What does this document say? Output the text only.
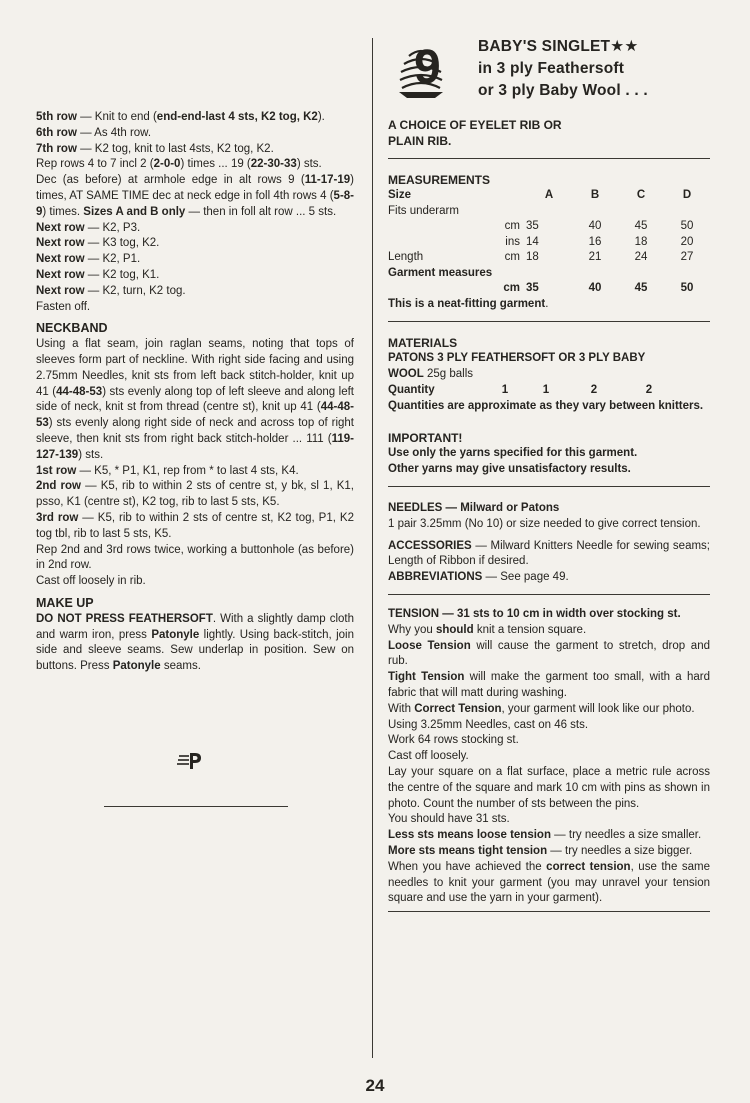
9 BABY'S SINGLET★★
in 3 ply Feathersoft
or 3 ply Baby Wool . . .

5th row — Knit to end (end-end-last 4 sts, K2 tog, K2).

6th row — As 4th row.

7th row — K2 tog, knit to last 4sts, K2 tog, K2.

Rep rows 4 to 7 incl 2 (2-0-0) times ... 19 (22-30-33) sts.

Dec (as before) at armhole edge in alt rows 9 (11-17-19) times, AT SAME TIME dec at neck edge in foll 4th rows 4 (5-8-9) times. Sizes A and B only — then in foll alt row ... 5 sts.

Next row — K2, P3.

Next row — K3 tog, K2.

Next row — K2, P1.

Next row — K2 tog, K1.

Next row — K2, turn, K2 tog.

Fasten off.

NECKBAND

Using a flat seam, join raglan seams, noting that tops of sleeves form part of neckline. With right side facing and using 2.75mm Needles, knit sts from left back stitch-holder, knit up 41 (44-48-53) sts evenly along top of left sleeve and along left side of neck, knit st from thread (centre st), knit up 41 (44-48-53) sts evenly along right side of neck and across top of right sleeve, then knit sts from right back stitch-holder ... 111 (119-127-139) sts.

1st row — K5, * P1, K1, rep from * to last 4 sts, K4.

2nd row — K5, rib to within 2 sts of centre st, y bk, sl 1, K1, psso, K1 (centre st), K2 tog, rib to last 5 sts, K5.

3rd row — K5, rib to within 2 sts of centre st, K2 tog, P1, K2 tog tbl, rib to last 5 sts, K5.

Rep 2nd and 3rd rows twice, working a buttonhole (as before) in 2nd row.

Cast off loosely in rib.

MAKE UP

DO NOT PRESS FEATHERSOFT. With a slightly damp cloth and warm iron, press Patonyle lightly. Using back-stitch, join side and sleeve seams. Sew underlap in position. Sew on buttons. Press Patonyle seams.

A CHOICE OF EYELET RIB OR
PLAIN RIB.
MEASUREMENTS
Size			A	B	C	D
Fits underarm						
		cm	35	40	45	50
		ins	14	16	18	20
Length		cm	18	21	24	27
Garment measures						
		cm	35	40	45	50
This is a neat-fitting garment.
MATERIALS
PATONS 3 PLY FEATHERSOFT OR 3 PLY BABY
WOOL 25g balls
Quantity	1	1	2	2
Quantities are approximate as they vary between knitters.
IMPORTANT!
Use only the yarns specified for this garment.
Other yarns may give unsatisfactory results.
NEEDLES — Milward or Patons
1 pair 3.25mm (No 10) or size needed to give correct tension.
ACCESSORIES — Milward Knitters Needle for sewing seams; Length of Ribbon if desired.
ABBREVIATIONS — See page 49.
TENSION — 31 sts to 10 cm in width over stocking st.
Why you should knit a tension square.
Loose Tension will cause the garment to stretch, drop and rub.
Tight Tension will make the garment too small, with a hard fabric that will matt during washing.
With Correct Tension, your garment will look like our photo.
Using 3.25mm Needles, cast on 46 sts.
Work 64 rows stocking st.
Cast off loosely.
Lay your square on a flat surface, place a metric rule across the centre of the square and mark 10 cm with pins as shown in photo. Count the number of sts between the pins.
You should have 31 sts.
Less sts means loose tension — try needles a size smaller.
More sts means tight tension — try needles a size bigger.
When you have achieved the correct tension, use the same needles to knit your garment (you may unravel your tension square and use the yarn in your garment).
24
